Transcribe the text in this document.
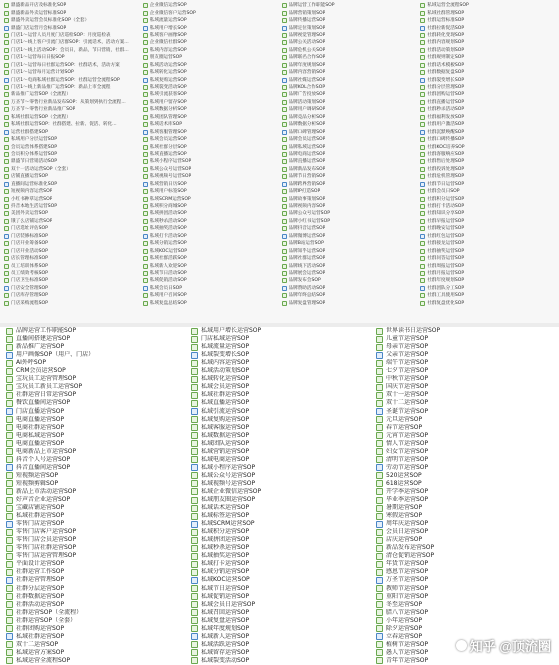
鼎盛新品开店及标准化SOP
鼎盛新品外卖运营标准SOP
鼎盛外卖运营会员标准化SOP（全套）
鼎盛门店运营月会标准SOP
门店1～运营人员月度门店巡检SOP：月度巡检表
门店1～线上客户引流门店群SOP：引流话术，活动方案...
门店1～线上活动SOP：会员日，新品，节日营销，社群...
门店1～运营每日日报SOP
门店1～运营每日社群运营SOP：社群话术，活动方案
门店1～运营每月运营计划SOP
门店1～电商私域社群运营SOP：社群运营全流程SOP
门店1～线上新品推广运营SOP：新品上市全流程
新品推广运营SOP（全流程）
万圣节～零售行业新品发布SOP：从策划到执行全流程...
万圣节～零售行业新品推广SOP
私域社群运营SOP（全流程）
私域社群运营SOP：社群搭建、拉新、促活、转化...
运营社群搭建SOP
私域用户分层运营SOP
会员运营体系搭建SOP
会员积分体系运营SOP
鼎盛节日营销活动SOP
双十一活动运营SOP（全套）
店铺直播运营SOP
直播间运营标准化SOP
短视频内容运营SOP
小红书种草运营SOP
抖音本地生活运营SOP
美团外卖运营SOP
饿了么店铺运营SOP
门店选址评估SOP
门店装修标准SOP
门店开业筹备SOP
门店开业活动SOP
店长管理标准SOP
员工培训体系SOP
员工绩效考核SOP
门店卫生标准SOP
门店安全管理SOP
门店库存管理SOP
门店采购流程SOP
企业微信运营SOP
企业微信客户运营SOP
私域流量运营SOP
私域用户增长SOP
私域客户画像SOP
企业微信社群SOP
私域内容运营SOP
朋友圈运营SOP
私域活动运营SOP
私域转化运营SOP
私域复购运营SOP
私域裂变活动SOP
私域引流获客SOP
私域用户留存SOP
私域数据分析SOP
私域团队管理SOP
私域话术库SOP
私域客服管理SOP
私域会员运营SOP
私域社群分层SOP
私域直播运营SOP
私域小程序运营SOP
私域公众号运营SOP
私域视频号运营SOP
私域营销日历SOP
私域用户标签SOP
私域SCRM运营SOP
私域积分商城SOP
私域拼团活动SOP
私域秒杀活动SOP
私域抽奖活动SOP
私域打卡活动SOP
私域分销运营SOP
私域KOC运营SOP
私域社群活跃SOP
私域新人欢迎SOP
私域节日活动SOP
私域促销活动SOP
私域会员日SOP
私域用户召回SOP
私域复盘总结SOP
品牌运营工作职能SOP
品牌营销策划SOP
品牌传播运营SOP
品牌定位策划SOP
品牌视觉管理SOP
品牌公关活动SOP
品牌危机公关SOP
品牌联名合作SOP
品牌年度规划SOP
品牌内容营销SOP
品牌社媒运营SOP
品牌KOL合作SOP
品牌广告投放SOP
品牌活动策划SOP
品牌用户调研SOP
品牌竞品分析SOP
品牌数据分析SOP
品牌口碑管理SOP
品牌会员运营SOP
品牌私域运营SOP
品牌电商运营SOP
品牌直播运营SOP
品牌新品发布SOP
品牌节日营销SOP
品牌跨界营销SOP
品牌IP打造SOP
品牌故事策划SOP
品牌视频内容SOP
品牌公众号运营SOP
品牌小红书运营SOP
品牌抖音运营SOP
品牌微博运营SOP
品牌B站运营SOP
品牌知乎运营SOP
品牌社群运营SOP
品牌线下活动SOP
品牌展会运营SOP
品牌发布会SOP
品牌赞助活动SOP
品牌年终总结SOP
品牌复盘管理SOP
私域运营全流程SOP
私域社群管理SOP
社群运营标准SOP
社群拉新促活SOP
社群转化变现SOP
社群内容规划SOP
社群活动策划SOP
社群规则制定SOP
社群话术模板SOP
社群数据复盘SOP
社群裂变增长SOP
社群分层管理SOP
社群团购运营SOP
社群直播运营SOP
社群秒杀活动SOP
社群福利发放SOP
社群用户激活SOP
社群沉默唤醒SOP
社群口碑传播SOP
社群KOC培养SOP
社群客服响应SOP
社群售后处理SOP
社群投诉处理SOP
社群危机管理SOP
社群节日运营SOP
社群会员日SOP
社群积分运营SOP
社群打卡活动SOP
社群知识分享SOP
社群早报运营SOP
社群晚安运营SOP
社群红包运营SOP
社群接龙运营SOP
社群抽奖运营SOP
社群问答运营SOP
社群周报运营SOP
社群月报运营SOP
社群年度规划SOP
社群团队分工SOP
社群工具使用SOP
社群复盘优化SOP
品牌运营工作职能SOP
直播间搭建运营SOP
新品推广运营SOP
用户画像SOP（用户、门店）
AI外呼SOP
CRM会员运营SOP
宝玩员工运营管理SOP
宝玩员工新员工运营SOP
社群运营日常运营SOP
餐饮直播间运营SOP
门店直播运营SOP
电商直播运营SOP
电商社群运营SOP
电商私域运营SOP
电商直播运营SOP
电商新品上市运营SOP
抖音个人号运营SOP
抖音直播间运营SOP
短视频运营SOP
短视频剪辑SOP
新品上市活动运营SOP
好声音企业运营SOP
宝藏店铺运营SOP
私域社群运营SOP
零售门店运营SOP
零售门店客户运营SOP
零售门店会员运营SOP
零售门店社群运营SOP
零售门店运营管理SOP
平面设计运营SOP
社群运营工作SOP
社群运营管理SOP
社群分层运营SOP
社群数据运营SOP
社群活动运营SOP
社群运营SOP（全流程）
社群运营SOP（全套）
社群团购运营SOP
私域社群运营SOP
双十二运营SOP
私域运营方案SOP
私域运营全流程SOP
私域用户增长运营SOP
门店私域运营SOP
私域流量运营SOP
私域裂变增长SOP
私域内容运营SOP
私域活动策划SOP
私域转化运营SOP
私域会员运营SOP
私域社群运营SOP
私域直播运营SOP
私域引流运营SOP
私域复购运营SOP
私域客服运营SOP
私域数据运营SOP
私域团队运营SOP
私域营销运营SOP
私域电商运营SOP
私域小程序运营SOP
私域公众号运营SOP
私域视频号运营SOP
私域企业微信运营SOP
私域朋友圈运营SOP
私域话术运营SOP
私域标签运营SOP
私域SCRM运营SOP
私域积分运营SOP
私域拼团运营SOP
私域秒杀运营SOP
私域抽奖运营SOP
私域打卡运营SOP
私域分销运营SOP
私域KOC运营SOP
私域节日运营SOP
私域促销运营SOP
私域会员日运营SOP
私域召回运营SOP
私域复盘运营SOP
私域年度规划SOP
私域新人运营SOP
私域活跃运营SOP
私域留存运营SOP
私域裂变活动SOP
世界读书日运营SOP
儿童节运营SOP
母亲节运营SOP
父亲节运营SOP
端午节运营SOP
七夕节运营SOP
中秋节运营SOP
国庆节运营SOP
双十一运营SOP
双十二运营SOP
圣诞节运营SOP
元旦运营SOP
春节运营SOP
元宵节运营SOP
情人节运营SOP
妇女节运营SOP
清明节运营SOP
劳动节运营SOP
520运营SOP
618运营SOP
开学季运营SOP
毕业季运营SOP
暑期运营SOP
寒假运营SOP
周年庆运营SOP
会员日运营SOP
店庆运营SOP
新品发布运营SOP
清仓促销运营SOP
年货节运营SOP
感恩节运营SOP
万圣节运营SOP
教师节运营SOP
重阳节运营SOP
冬至运营SOP
腊八节运营SOP
小年运营SOP
除夕运营SOP
立春运营SOP
植树节运营SOP
愚人节运营SOP
青年节运营SOP
知乎 @顶流圈
